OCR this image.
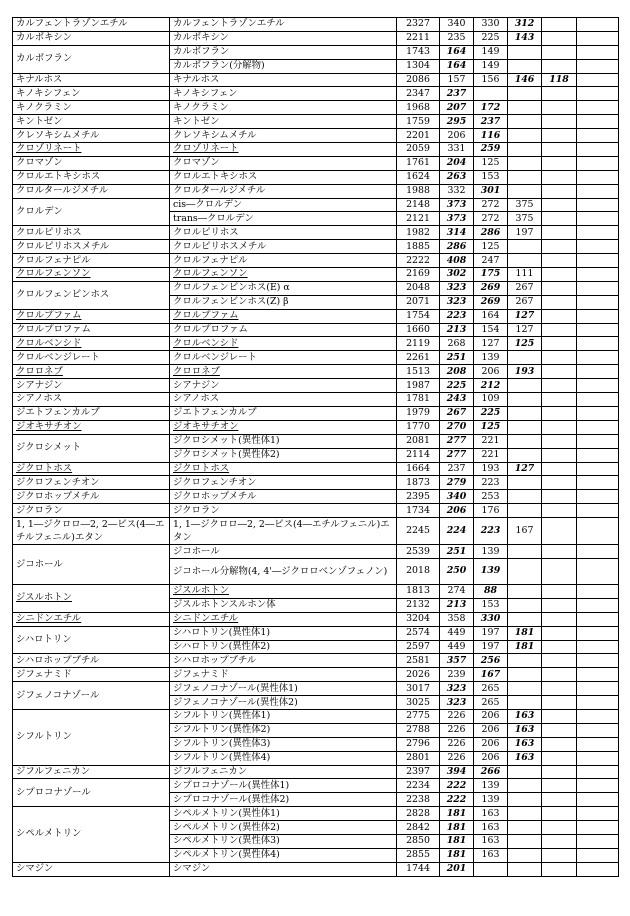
カルフェントラゾンエチル	カルフェントラゾンエチル	2327	340	330	312			
カルボキシン	カルボキシン	2211	235	225	143			
カルボフラン	カルボフラン	1743	164	149				
	カルボフラン(分解物)	1304	164	149				
キナルホス	キナルホス	2086	157	156	146	118		
キノキシフェン	キノキシフェン	2347	237					
キノクラミン	キノクラミン	1968	207	172				
キントゼン	キントゼン	1759	295	237				
クレソキシムメチル	クレソキシムメチル	2201	206	116				
クロゾリネート	クロゾリネート	2059	331	259				
クロマゾン	クロマゾン	1761	204	125				
クロルエトキシホス	クロルエトキシホス	1624	263	153				
クロルタールジメチル	クロルタールジメチル	1988	332	301				
クロルデン	cis―クロルデン	2148	373	272	375			
	trans―クロルデン	2121	373	272	375			
クロルピリホス	クロルピリホス	1982	314	286	197			
クロルピリホスメチル	クロルピリホスメチル	1885	286	125				
クロルフェナピル	クロルフェナピル	2222	408	247				
クロルフェンソン	クロルフェンソン	2169	302	175	111			
クロルフェンビンホス	クロルフェンビンホス(E) α	2048	323	269	267			
	クロルフェンビンホス(Z) β	2071	323	269	267			
クロルプファム	クロルプファム	1754	223	164	127			
クロルプロファム	クロルプロファム	1660	213	154	127			
クロルベンシド	クロルベンシド	2119	268	127	125			
クロルベンジレート	クロルベンジレート	2261	251	139				
クロロネブ	クロロネブ	1513	208	206	193			
シアナジン	シアナジン	1987	225	212				
シアノホス	シアノホス	1781	243	109				
ジエトフェンカルブ	ジエトフェンカルブ	1979	267	225				
ジオキサチオン	ジオキサチオン	1770	270	125				
ジクロシメット	ジクロシメット(異性体1)	2081	277	221				
	ジクロシメット(異性体2)	2114	277	221				
ジクロトホス	ジクロトホス	1664	237	193	127			
ジクロフェンチオン	ジクロフェンチオン	1873	279	223				
ジクロホップメチル	ジクロホップメチル	2395	340	253				
ジクロラン	ジクロラン	1734	206	176				
1, 1―ジクロロ―2, 2―ビス(4―エチルフェニル)エタン	1, 1―ジクロロ―2, 2―ビス(4―エチルフェニル)エタン	2245	224	223	167			
ジコホール	ジコホール	2539	251	139				
	ジコホール分解物(4, 4'―ジクロロベンゾフェノン)	2018	250	139				
ジスルホトン	ジスルホトン	1813	274	88				
	ジスルホトンスルホン体	2132	213	153				
シニドンエチル	シニドンエチル	3204	358	330				
シハロトリン	シハロトリン(異性体1)	2574	449	197	181			
	シハロトリン(異性体2)	2597	449	197	181			
シハロホップブチル	シハロホップブチル	2581	357	256				
ジフェナミド	ジフェナミド	2026	239	167				
ジフェノコナゾール	ジフェノコナゾール(異性体1)	3017	323	265				
	ジフェノコナゾール(異性体2)	3025	323	265				
シフルトリン	シフルトリン(異性体1)	2775	226	206	163			
	シフルトリン(異性体2)	2788	226	206	163			
	シフルトリン(異性体3)	2796	226	206	163			
	シフルトリン(異性体4)	2801	226	206	163			
ジフルフェニカン	ジフルフェニカン	2397	394	266				
シプロコナゾール	シプロコナゾール(異性体1)	2234	222	139				
	シプロコナゾール(異性体2)	2238	222	139				
シペルメトリン	シペルメトリン(異性体1)	2828	181	163				
	シペルメトリン(異性体2)	2842	181	163				
	シペルメトリン(異性体3)	2850	181	163				
	シペルメトリン(異性体4)	2855	181	163				
シマジン	シマジン	1744	201					
